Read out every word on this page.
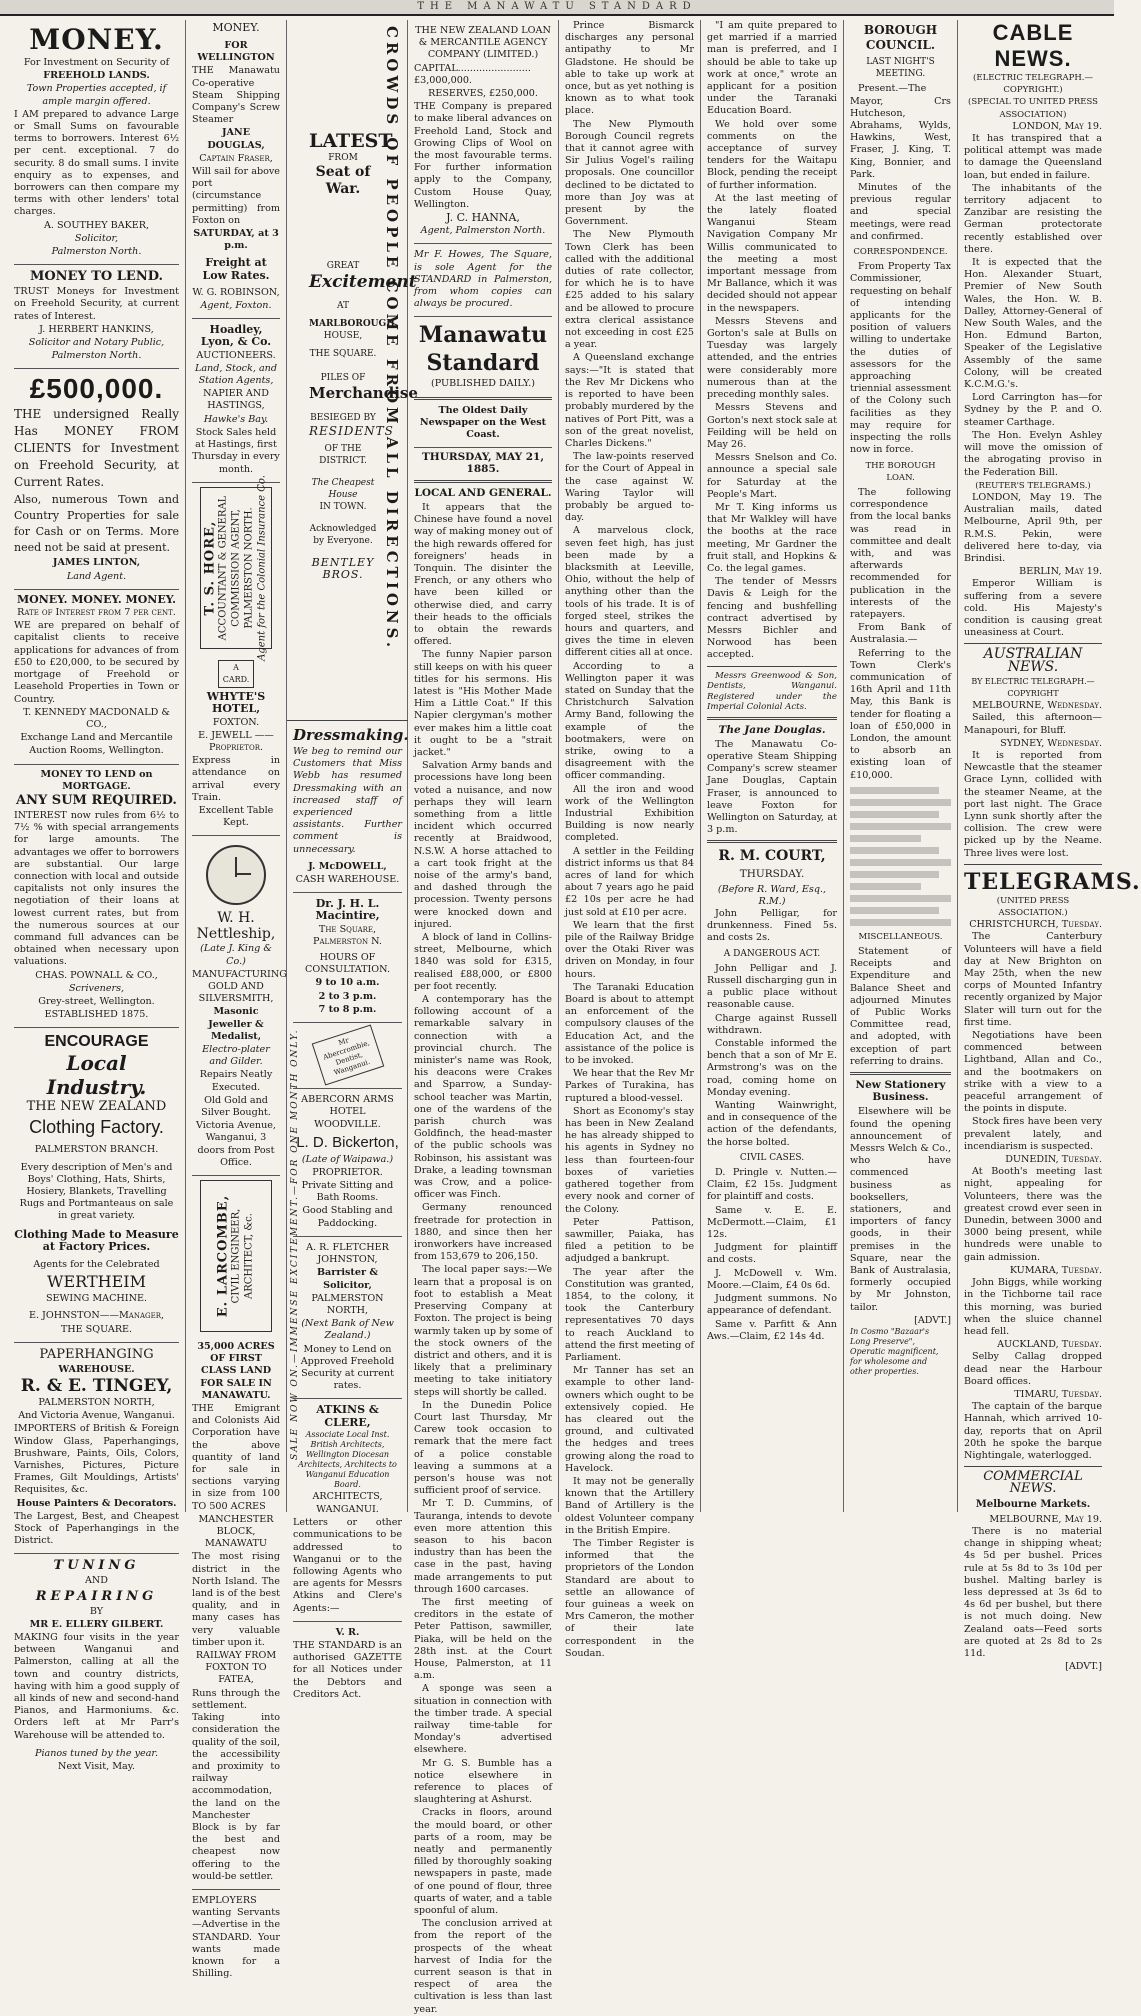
THE MANAWATU STANDARD
MONEY.

For Investment on Security of

FREEHOLD LANDS.

Town Properties accepted, if ample margin offered.

I AM prepared to advance Large or Small Sums on favourable terms to borrowers. Interest 6½ per cent. exceptional. 7 do security. 8 do small sums. I invite enquiry as to expenses, and borrowers can then compare my terms with other lenders' total charges.

A. SOUTHEY BAKER,

Solicitor,

Palmerston North.

MONEY TO LEND.

TRUST Moneys for Investment on Freehold Security, at current rates of Interest.

J. HERBERT HANKINS,

Solicitor and Notary Public,

Palmerston North.

£500,000.

THE undersigned Really Has MONEY FROM CLIENTS for Investment on Freehold Security, at Current Rates.

Also, numerous Town and Country Properties for sale for Cash or on Terms. More need not be said at present.

JAMES LINTON,

Land Agent.

MONEY. MONEY. MONEY.

Rate of Interest from 7 per cent.

WE are prepared on behalf of capitalist clients to receive applications for advances of from £50 to £20,000, to be secured by mortgage of Freehold or Leasehold Properties in Town or Country.

T. KENNEDY MACDONALD & CO.,

Exchange Land and Mercantile

Auction Rooms, Wellington.

MONEY TO LEND on MORTGAGE.
ANY SUM REQUIRED.

INTEREST now rules from 6½ to 7½ % with special arrangements for large amounts. The advantages we offer to borrowers are substantial. Our large connection with local and outside capitalists not only insures the negotiation of their loans at lowest current rates, but from the numerous sources at our command full advances can be obtained when necessary upon valuations.

CHAS. POWNALL & CO.,

Scriveners,

Grey-street, Wellington.

ESTABLISHED 1875.

ENCOURAGE
Local Industry.
THE NEW ZEALAND
Clothing Factory.

PALMERSTON BRANCH.

Every description of Men's and Boys' Clothing, Hats, Shirts, Hosiery, Blankets, Travelling Rugs and Portmanteaus on sale in great variety.

Clothing Made to Measure at Factory Prices.

Agents for the Celebrated

WERTHEIM

SEWING MACHINE.

E. JOHNSTON——Manager,

THE SQUARE.

PAPERHANGING

WAREHOUSE.

R. & E. TINGEY,

PALMERSTON NORTH,

And Victoria Avenue, Wanganui.

IMPORTERS of British & Foreign Window Glass, Paperhangings, Brushware, Paints, Oils, Colors, Varnishes, Pictures, Picture Frames, Gilt Mouldings, Artists' Requisites, &c.

House Painters & Decorators.

The Largest, Best, and Cheapest Stock of Paperhangings in the District.

TUNING

AND

REPAIRING

BY

MR E. ELLERY GILBERT.

MAKING four visits in the year between Wanganui and Palmerston, calling at all the town and country districts, having with him a good supply of all kinds of new and second-hand Pianos, and Harmoniums. &c. Orders left at Mr Parr's Warehouse will be attended to.

Pianos tuned by the year.

Next Visit, May.

MONEY.

FOR WELLINGTON

THE Manawatu Co-operative Steam Shipping Company's Screw Steamer

JANE DOUGLAS,

Captain Fraser,

Will sail for above port (circumstance permitting) from Foxton on

SATURDAY, at 3 p.m.

Freight at Low Rates.

W. G. ROBINSON,

Agent, Foxton.

Hoadley, Lyon, & Co.

AUCTIONEERS.

Land, Stock, and Station Agents,

NAPIER AND HASTINGS,

Hawke's Bay.

Stock Sales held at Hastings, first Thursday in every month.

T. S. HORE, ACCOUNTANT & GENERAL COMMISSION AGENT, PALMERSTON NORTH. Agent for the Colonial Insurance Co.
A CARD.

WHYTE'S HOTEL,

FOXTON.

E. JEWELL —— Proprietor.

Express in attendance on arrival every Train.

Excellent Table Kept.

W. H. Nettleship,

(Late J. King & Co.)

MANUFACTURING GOLD AND SILVERSMITH,

Masonic Jeweller & Medalist,

Electro-plater and Gilder.

Repairs Neatly Executed.

Old Gold and Silver Bought.

Victoria Avenue, Wanganui, 3 doors from Post Office.

E. LARCOMBE, CIVIL ENGINEER, ARCHITECT, &c.

35,000 ACRES OF FIRST CLASS LAND FOR SALE IN MANAWATU.

THE Emigrant and Colonists Aid Corporation have the above quantity of land for sale in sections varying in size from 100 TO 500 ACRES

MANCHESTER BLOCK, MANAWATU

The most rising district in the North Island. The land is of the best quality, and in many cases has very valuable timber upon it.

RAILWAY FROM FOXTON TO FATEA,

Runs through the settlement. Taking into consideration the quality of the soil, the accessibility and proximity to railway accommodation, the land on the Manchester Block is by far the best and cheapest now offering to the would-be settler.

EMPLOYERS wanting Servants—Advertise in the STANDARD. Your wants made known for a Shilling.

SALE NOW ON.—IMMENSE EXCITEMENT.—FOR ONE MONTH ONLY.
CROWDS OF PEOPLE COME FROM ALL DIRECTIONS.
LATEST

FROM

Seat of War.

GREAT

Excitement

AT

MARLBOROUGH

HOUSE,

THE SQUARE.

PILES OF

Merchandise

BESIEGED BY

RESIDENTS

OF THE

DISTRICT.

The Cheapest House

IN TOWN.

Acknowledged by Everyone.

BENTLEY BROS.

Dressmaking.

We beg to remind our Customers that Miss Webb has resumed Dressmaking with an increased staff of experienced assistants. Further comment is unnecessary.

J. McDOWELL,

CASH WAREHOUSE.

Dr. J. H. L. Macintire,

The Square, Palmerston N.

HOURS OF CONSULTATION.

9 to 10 a.m.

2 to 3 p.m.

7 to 8 p.m.

Mr Abercrombie, Dentist, Wanganui.

ABERCORN ARMS HOTEL

WOODVILLE.

L. D. Bickerton,

(Late of Waipawa.)

PROPRIETOR.

Private Sitting and Bath Rooms.

Good Stabling and Paddocking.

A. R. FLETCHER JOHNSTON,

Barrister & Solicitor,

PALMERSTON NORTH,

(Next Bank of New Zealand.)

Money to Lend on Approved Freehold Security at current rates.

ATKINS & CLERE,

Associate Local Inst. British Architects, Wellington Diocesan Architects, Architects to Wanganui Education Board.

ARCHITECTS,

WANGANUI.

Letters or other communications to be addressed to Wanganui or to the following Agents who are agents for Messrs Atkins and Clere's Agents:—

V. R.

THE STANDARD is an authorised GAZETTE for all Notices under the Debtors and Creditors Act.

THE NEW ZEALAND LOAN & MERCANTILE AGENCY COMPANY (LIMITED.)

CAPITAL........................£3,000,000.

RESERVES, £250,000.

THE Company is prepared to make liberal advances on Freehold Land, Stock and Growing Clips of Wool on the most favourable terms. For further information apply to the Company, Custom House Quay, Wellington.

J. C. HANNA,

Agent, Palmerston North.

Mr F. Howes, The Square, is sole Agent for the STANDARD in Palmerston, from whom copies can always be procured.

Manawatu Standard

(PUBLISHED DAILY.)

The Oldest Daily Newspaper on the West Coast.

THURSDAY, MAY 21, 1885.
LOCAL AND GENERAL.

It appears that the Chinese have found a novel way of making money out of the high rewards offered for foreigners' heads in Tonquin. The disinter the French, or any others who have been killed or otherwise died, and carry their heads to the officials to obtain the rewards offered.

The funny Napier parson still keeps on with his queer titles for his sermons. His latest is "His Mother Made Him a Little Coat." If this Napier clergyman's mother ever makes him a little coat it ought to be a "strait jacket."

Salvation Army bands and processions have long been voted a nuisance, and now perhaps they will learn something from a little incident which occurred recently at Braidwood, N.S.W. A horse attached to a cart took fright at the noise of the army's band, and dashed through the procession. Twenty persons were knocked down and injured.

A block of land in Collins-street, Melbourne, which 1840 was sold for £315, realised £88,000, or £800 per foot recently.

A contemporary has the following account of a remarkable salvary in connection with a provincial church. The minister's name was Rook, his deacons were Crakes and Sparrow, a Sunday-school teacher was Martin, one of the wardens of the parish church was Goldfinch, the head-master of the public schools was Robinson, his assistant was Drake, a leading townsman was Crow, and a police-officer was Finch.

Germany renounced freetrade for protection in 1880, and since then her ironworkers have increased from 153,679 to 206,150.

The local paper says:—We learn that a proposal is on foot to establish a Meat Preserving Company at Foxton. The project is being warmly taken up by some of the stock owners of the district and others, and it is likely that a preliminary meeting to take initiatory steps will shortly be called.

In the Dunedin Police Court last Thursday, Mr Carew took occasion to remark that the mere fact of a police constable leaving a summons at a person's house was not sufficient proof of service.

Mr T. D. Cummins, of Tauranga, intends to devote even more attention this season to his bacon industry than has been the case in the past, having made arrangements to put through 1600 carcases.

The first meeting of creditors in the estate of Peter Pattison, sawmiller, Piaka, will be held on the 28th inst. at the Court House, Palmerston, at 11 a.m.

A sponge was seen a situation in connection with the timber trade. A special railway time-table for Monday's advertised elsewhere.

Mr G. S. Bumble has a notice elsewhere in reference to places of slaughtering at Ashurst.

Cracks in floors, around the mould board, or other parts of a room, may be neatly and permanently filled by thoroughly soaking newspapers in paste, made of one pound of flour, three quarts of water, and a table spoonful of alum.

The conclusion arrived at from the report of the prospects of the wheat harvest of India for the current season is that in respect of area the cultivation is less than last year.

Prince Bismarck discharges any personal antipathy to Mr Gladstone. He should be able to take up work at once, but as yet nothing is known as to what took place.

The New Plymouth Borough Council regrets that it cannot agree with Sir Julius Vogel's railing proposals. One councillor declined to be dictated to more than Joy was at present by the Government.

The New Plymouth Town Clerk has been called with the additional duties of rate collector, for which he is to have £25 added to his salary and be allowed to procure extra clerical assistance not exceeding in cost £25 a year.

A Queensland exchange says:—"It is stated that the Rev Mr Dickens who is reported to have been probably murdered by the natives of Port Pitt, was a son of the great novelist, Charles Dickens."

The law-points reserved for the Court of Appeal in the case against W. Waring Taylor will probably be argued to-day.

A marvelous clock, seven feet high, has just been made by a blacksmith at Leeville, Ohio, without the help of anything other than the tools of his trade. It is of forged steel, strikes the hours and quarters, and gives the time in eleven different cities all at once.

According to a Wellington paper it was stated on Sunday that the Christchurch Salvation Army Band, following the example of the bootmakers, were on strike, owing to a disagreement with the officer commanding.

All the iron and wood work of the Wellington Industrial Exhibition Building is now nearly completed.

A settler in the Feilding district informs us that 84 acres of land for which about 7 years ago he paid £2 10s per acre he had just sold at £10 per acre.

We learn that the first pile of the Railway Bridge over the Otaki River was driven on Monday, in four hours.

The Taranaki Education Board is about to attempt an enforcement of the compulsory clauses of the Education Act, and the assistance of the police is to be invoked.

We hear that the Rev Mr Parkes of Turakina, has ruptured a blood-vessel.

Short as Economy's stay has been in New Zealand he has already shipped to his agents in Sydney no less than fourteen-four boxes of varieties gathered together from every nook and corner of the Colony.

Peter Pattison, sawmiller, Paiaka, has filed a petition to be adjudged a bankrupt.

The year after the Constitution was granted, 1854, to the colony, it took the Canterbury representatives 70 days to reach Auckland to attend the first meeting of Parliament.

Mr Tanner has set an example to other land-owners which ought to be extensively copied. He has cleared out the ground, and cultivated the hedges and trees growing along the road to Havelock.

It may not be generally known that the Artillery Band of Artillery is the oldest Volunteer company in the British Empire.

The Timber Register is informed that the proprietors of the London Standard are about to settle an allowance of four guineas a week on Mrs Cameron, the mother of their late correspondent in the Soudan.

"I am quite prepared to get married if a married man is preferred, and I should be able to take up work at once," wrote an applicant for a position under the Taranaki Education Board.

We hold over some comments on the acceptance of survey tenders for the Waitapu Block, pending the receipt of further information.

At the last meeting of the lately floated Wanganui Steam Navigation Company Mr Willis communicated to the meeting a most important message from Mr Ballance, which it was decided should not appear in the newspapers.

Messrs Stevens and Gorton's sale at Bulls on Tuesday was largely attended, and the entries were considerably more numerous than at the preceding monthly sales.

Messrs Stevens and Gorton's next stock sale at Feilding will be held on May 26.

Messrs Snelson and Co. announce a special sale for Saturday at the People's Mart.

Mr T. King informs us that Mr Walkley will have the booths at the race meeting, Mr Gardner the fruit stall, and Hopkins & Co. the legal games.

The tender of Messrs Davis & Leigh for the fencing and bushfelling contract advertised by Messrs Bichler and Norwood has been accepted.

Messrs Greenwood & Son, Dentists, Wanganui. Registered under the Imperial Colonial Acts.

The Jane Douglas.

The Manawatu Co-operative Steam Shipping Company's screw steamer Jane Douglas, Captain Fraser, is announced to leave Foxton for Wellington on Saturday, at 3 p.m.

R. M. COURT,
THURSDAY.

(Before R. Ward, Esq., R.M.)

John Pelligar, for drunkenness. Fined 5s. and costs 2s.

A DANGEROUS ACT.

John Pelligar and J. Russell discharging gun in a public place without reasonable cause.

Charge against Russell withdrawn.

Constable informed the bench that a son of Mr E. Armstrong's was on the road, coming home on Monday evening.

Wanting Wainwright, and in consequence of the action of the defendants, the horse bolted.

CIVIL CASES.

D. Pringle v. Nutten.—Claim, £2 15s. Judgment for plaintiff and costs.

Same v. E. E. McDermott.—Claim, £1 12s.

Judgment for plaintiff and costs.

J. McDowell v. Wm. Moore.—Claim, £4 0s 6d.

Judgment summons. No appearance of defendant.

Same v. Parfitt & Ann Aws.—Claim, £2 14s 4d.

BOROUGH COUNCIL.
LAST NIGHT'S MEETING.

Present.—The Mayor, Crs Hutcheson, Abrahams, Wylds, Hawkins, West, Fraser, J. King, T. King, Bonnier, and Park.

Minutes of the previous regular and special meetings, were read and confirmed.

CORRESPONDENCE.

From Property Tax Commissioner, requesting on behalf of intending applicants for the position of valuers willing to undertake the duties of assessors for the approaching triennial assessment of the Colony such facilities as they may require for inspecting the rolls now in force.

THE BOROUGH LOAN.

The following correspondence from the local banks was read in committee and dealt with, and was afterwards recommended for publication in the interests of the ratepayers.

From Bank of Australasia.—

Referring to the Town Clerk's communication of 16th April and 11th May, this Bank is tender for floating a loan of £50,000 in London, the amount to absorb an existing loan of £10,000.

MISCELLANEOUS.

Statement of Receipts and Expenditure and Balance Sheet and adjourned Minutes of Public Works Committee read, and adopted, with exception of part referring to drains.

New Stationery Business.

Elsewhere will be found the opening announcement of Messrs Welch & Co., who have commenced business as booksellers, stationers, and importers of fancy goods, in their premises in the Square, near the Bank of Australasia, formerly occupied by Mr Johnston, tailor.

[ADVT.]

In Cosmo "Bazaar's Long Preserve", Operatic magnificent, for wholesome and other properties.

CABLE NEWS.

(ELECTRIC TELEGRAPH.—COPYRIGHT.)

(SPECIAL TO UNITED PRESS ASSOCIATION)

LONDON, May 19.

It has transpired that a political attempt was made to damage the Queensland loan, but ended in failure.

The inhabitants of the territory adjacent to Zanzibar are resisting the German protectorate recently established over there.

It is expected that the Hon. Alexander Stuart, Premier of New South Wales, the Hon. W. B. Dalley, Attorney-General of New South Wales, and the Hon. Edmund Barton, Speaker of the Legislative Assembly of the same Colony, will be created K.C.M.G.'s.

Lord Carrington has—for Sydney by the P. and O. steamer Carthage.

The Hon. Evelyn Ashley will move the omission of the abrogating proviso in the Federation Bill.

(REUTER'S TELEGRAMS.)

LONDON, May 19. The Australian mails, dated Melbourne, April 9th, per R.M.S. Pekin, were delivered here to-day, via Brindisi.

BERLIN, May 19.

Emperor William is suffering from a severe cold. His Majesty's condition is causing great uneasiness at Court.

AUSTRALIAN NEWS.

BY ELECTRIC TELEGRAPH.—COPYRIGHT

MELBOURNE, Wednesday.

Sailed, this afternoon—Manapouri, for Bluff.

SYDNEY, Wednesday.

It is reported from Newcastle that the steamer Grace Lynn, collided with the steamer Neame, at the port last night. The Grace Lynn sunk shortly after the collision. The crew were picked up by the Neame. Three lives were lost.

TELEGRAMS.

(UNITED PRESS ASSOCIATION.)

CHRISTCHURCH, Tuesday.

The Canterbury Volunteers will have a field day at New Brighton on May 25th, when the new corps of Mounted Infantry recently organized by Major Slater will turn out for the first time.

Negotiations have been commenced between Lightband, Allan and Co., and the bootmakers on strike with a view to a peaceful arrangement of the points in dispute.

Stock fires have been very prevalent lately, and incendiarism is suspected.

DUNEDIN, Tuesday.

At Booth's meeting last night, appealing for Volunteers, there was the greatest crowd ever seen in Dunedin, between 3000 and 3000 being present, while hundreds were unable to gain admission.

KUMARA, Tuesday.

John Biggs, while working in the Tichborne tail race this morning, was buried when the sluice channel head fell.

AUCKLAND, Tuesday.

Selby Callag dropped dead near the Harbour Board offices.

TIMARU, Tuesday.

The captain of the barque Hannah, which arrived 10-day, reports that on April 20th he spoke the barque Nightingale, waterlogged.

COMMERCIAL NEWS.
Melbourne Markets.

MELBOURNE, May 19.

There is no material change in shipping wheat; 4s 5d per bushel. Prices rule at 5s 8d to 3s 10d per bushel. Malting barley is less depressed at 3s 6d to 4s 6d per bushel, but there is not much doing. New Zealand oats—Feed sorts are quoted at 2s 8d to 2s 11d.

[ADVT.]
